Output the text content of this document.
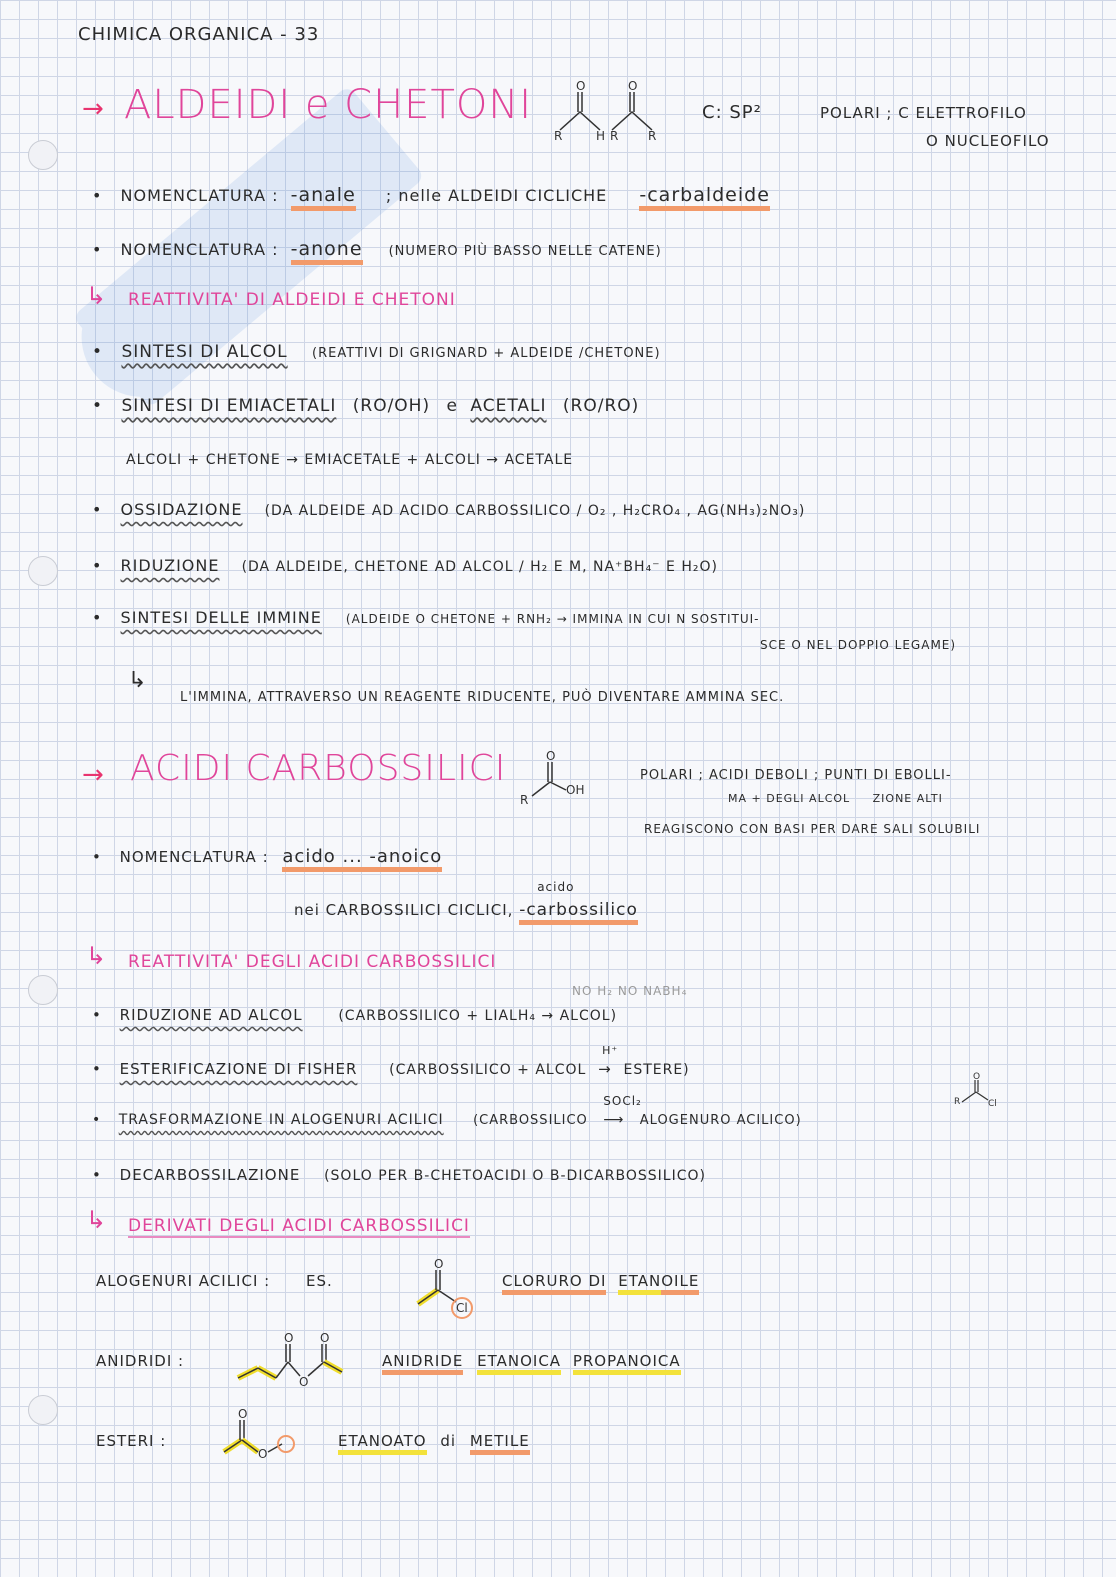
CHIMICA ORGANICA - 33
→ ALDEIDI e CHETONI	O
R	H
O
R R
C: SP²	POLARI ; C ELETTROFILO
O NUCLEOFILO
• NOMENCLATURA : -anale ; nelle ALDEIDI CICLICHE -carbaldeide
• NOMENCLATURA : -anone (NUMERO PIÙ BASSO NELLE CATENE)
↳ REATTIVITA' DI ALDEIDI E CHETONI
• SINTESI DI ALCOL (REATTIVI DI GRIGNARD + ALDEIDE /CHETONE)
• SINTESI DI EMIACETALI (RO/OH) e ACETALI (RO/RO)
ALCOLI + CHETONE → EMIACETALE + ALCOLI → ACETALE
• OSSIDAZIONE (DA ALDEIDE AD ACIDO CARBOSSILICO / O₂ , H₂CRO₄ , AG(NH₃)₂NO₃)
• RIDUZIONE (DA ALDEIDE, CHETONE AD ALCOL / H₂ E M, NA⁺BH₄⁻ E H₂O)
• SINTESI DELLE IMMINE (ALDEIDE O CHETONE + RNH₂ → IMMINA IN CUI N SOSTITUI-
SCE O NEL DOPPIO LEGAME)
↳
L'IMMINA, ATTRAVERSO UN REAGENTE RIDUCENTE, PUÒ DIVENTARE AMMINA SEC.
→ ACIDI CARBOSSILICI	O
R
OH
POLARI ; ACIDI DEBOLI ; PUNTI DI EBOLLI-
MA + DEGLI ALCOL     ZIONE ALTI
REAGISCONO CON BASI PER DARE SALI SOLUBILI
• NOMENCLATURA : acido ... -anoico
nei CARBOSSILICI CICLICI,
acido
-carbossilico
↳ REATTIVITA' DEGLI ACIDI CARBOSSILICI
NO H₂ NO NABH₄
• RIDUZIONE AD ALCOL	(CARBOSSILICO + LIALH₄ → ALCOL)
• ESTERIFICAZIONE DI FISHER (CARBOSSILICO + ALCOL
H⁺
→ ESTERE)
• TRASFORMAZIONE IN ALOGENURI ACILICI (CARBOSSILICO
SOCl₂
⟶ ALOGENURO ACILICO)
R	Cl
O
• DECARBOSSILAZIONE (SOLO PER Β-CHETOACIDI O Β-DICARBOSSILICO)
↳ DERIVATI DEGLI ACIDI CARBOSSILICI
ALOGENURI ACILICI : ES.
O
Cl
CLORURO DI ETANOILE
ANIDRIDI :
O O
O
ANIDRIDE ETANOICA PROPANOICA
ESTERI :
O
O
ETANOATO di METILE
